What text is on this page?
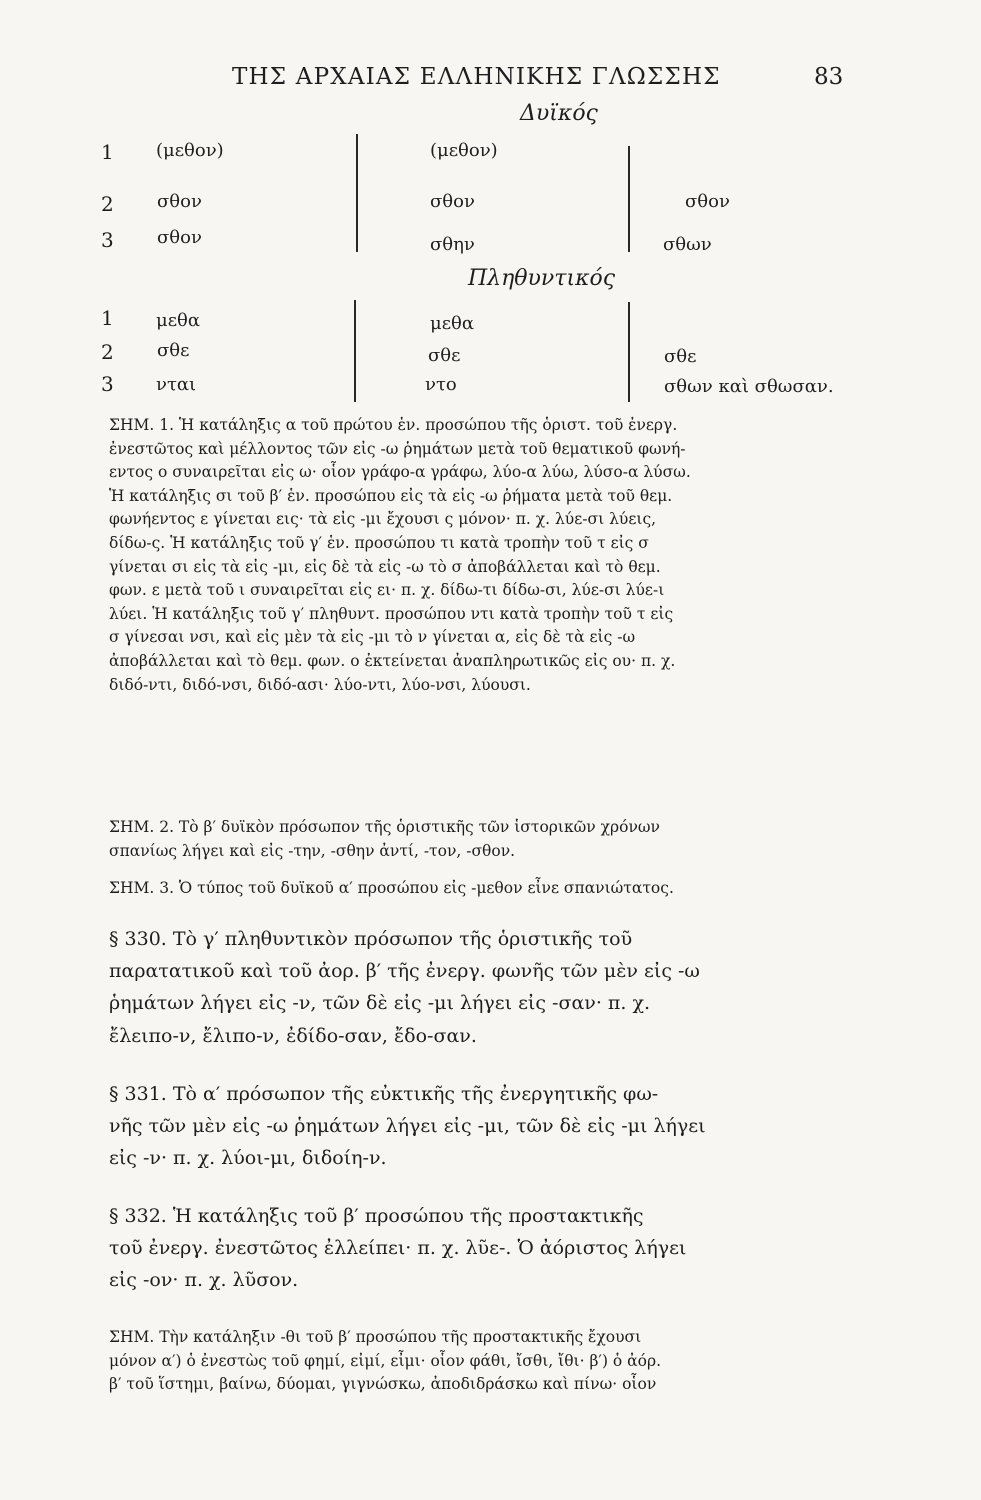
ΤΗΣ ΑΡΧΑΙΑΣ ΕΛΛΗΝΙΚΗΣ ΓΛΩΣΣΗΣ	83
Δυϊκός
1 (μεθον)	(μεθον)
2 σθον	σθον	σθον
3 σθον	σθην	σθων
Πληθυντικός
1 μεθα	μεθα
2 σθε	σθε	σθε
3 νται	ντο	σθων καὶ σθωσαν.
ΣΗΜ. 1. Ἡ κατάληξις α τοῦ πρώτου ἑν. προσώπου τῆς ὁριστ. τοῦ ἐνεργ.
ἐνεστῶτος καὶ μέλλοντος τῶν εἰς -ω ῥημάτων μετὰ τοῦ θεματικοῦ φωνή-
εντος ο συναιρεῖται εἰς ω· οἷον γράφο-α γράφω, λύο-α λύω, λύσο-α λύσω.
Ἡ κατάληξις σι τοῦ β′ ἑν. προσώπου εἰς τὰ εἰς -ω ῥήματα μετὰ τοῦ θεμ.
φωνήεντος ε γίνεται εις· τὰ εἰς -μι ἔχουσι ς μόνον· π. χ. λύε-σι λύεις,
δίδω-ς. Ἡ κατάληξις τοῦ γ′ ἑν. προσώπου τι κατὰ τροπὴν τοῦ τ εἰς σ
γίνεται σι εἰς τὰ εἰς -μι, εἰς δὲ τὰ εἰς -ω τὸ σ ἀποβάλλεται καὶ τὸ θεμ.
φων. ε μετὰ τοῦ ι συναιρεῖται εἰς ει· π. χ. δίδω-τι δίδω-σι, λύε-σι λύε-ι
λύει. Ἡ κατάληξις τοῦ γ′ πληθυντ. προσώπου ντι κατὰ τροπὴν τοῦ τ εἰς
σ γίνεσαι νσι, καὶ εἰς μὲν τὰ εἰς -μι τὸ ν γίνεται α, εἰς δὲ τὰ εἰς -ω
ἀποβάλλεται καὶ τὸ θεμ. φων. ο ἐκτείνεται ἀναπληρωτικῶς εἰς ου· π. χ.
διδό-ντι, διδό-νσι, διδό-ασι· λύο-ντι, λύο-νσι, λύουσι.
ΣΗΜ. 2. Τὸ β′ δυϊκὸν πρόσωπον τῆς ὁριστικῆς τῶν ἱστορικῶν χρόνων
σπανίως λήγει καὶ εἰς -την, -σθην ἀντί, -τον, -σθον.
ΣΗΜ. 3. Ὁ τύπος τοῦ δυϊκοῦ α′ προσώπου εἰς -μεθον εἶνε σπανιώτατος.
§ 330. Τὸ γ′ πληθυντικὸν πρόσωπον τῆς ὁριστικῆς τοῦ
παρατατικοῦ καὶ τοῦ ἀορ. β′ τῆς ἐνεργ. φωνῆς τῶν μὲν εἰς -ω
ῥημάτων λήγει εἰς -ν, τῶν δὲ εἰς -μι λήγει εἰς -σαν· π. χ.
ἔλειπο-ν, ἔλιπο-ν, ἐδίδο-σαν, ἔδο-σαν.
§ 331. Τὸ α′ πρόσωπον τῆς εὐκτικῆς τῆς ἐνεργητικῆς φω-
νῆς τῶν μὲν εἰς -ω ῥημάτων λήγει εἰς -μι, τῶν δὲ εἰς -μι λήγει
εἰς -ν· π. χ. λύοι-μι, διδοίη-ν.
§ 332. Ἡ κατάληξις τοῦ β′ προσώπου τῆς προστακτικῆς
τοῦ ἐνεργ. ἐνεστῶτος ἐλλείπει· π. χ. λῦε-. Ὁ ἀόριστος λήγει
εἰς -ον· π. χ. λῦσον.
ΣΗΜ. Τὴν κατάληξιν -θι τοῦ β′ προσώπου τῆς προστακτικῆς ἔχουσι
μόνον α′) ὁ ἐνεστὼς τοῦ φημί, εἰμί, εἶμι· οἷον φάθι, ἴσθι, ἴθι· β′) ὁ ἀόρ.
β′ τοῦ ἵστημι, βαίνω, δύομαι, γιγνώσκω, ἀποδιδράσκω καὶ πίνω· οἷον
